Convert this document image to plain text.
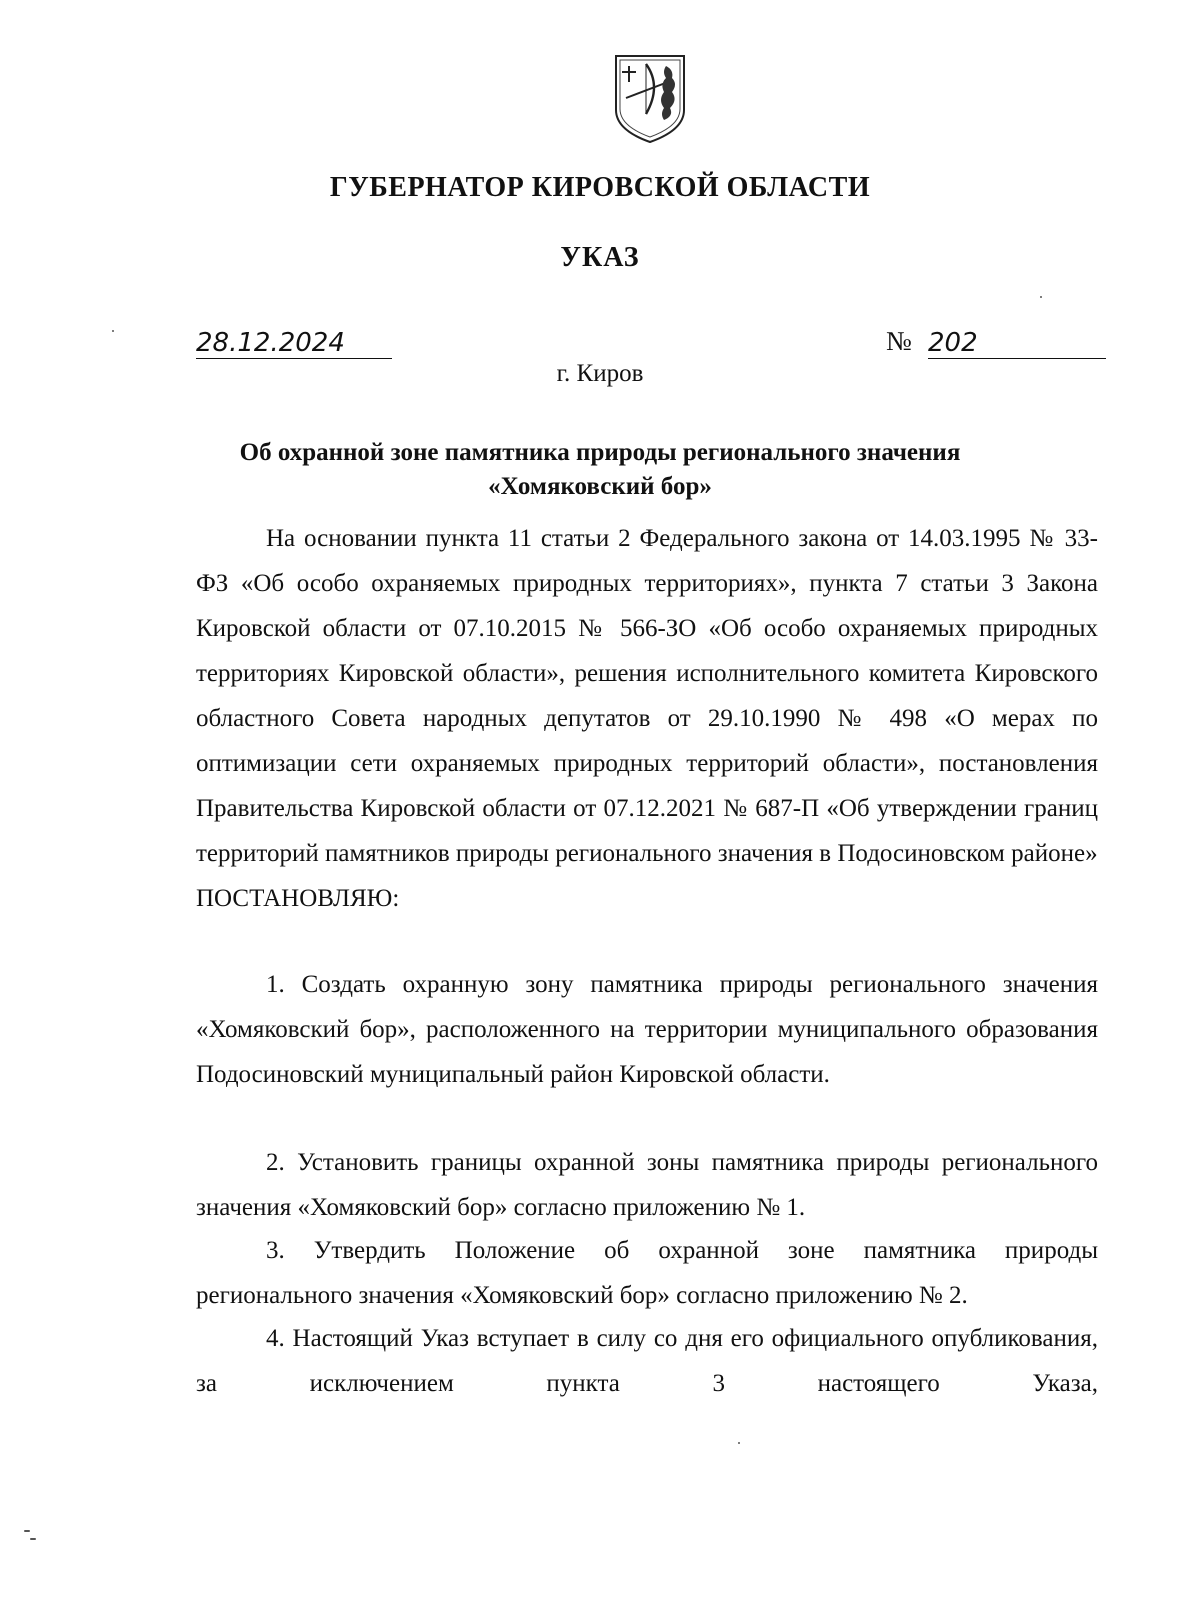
ГУБЕРНАТОР КИРОВСКОЙ ОБЛАСТИ
УКАЗ
28.12.2024	№ 202
г. Киров
Об охранной зоне памятника природы регионального значения
«Хомяковский бор»

На основании пункта 11 статьи 2 Федерального закона от 14.03.1995 № 33-ФЗ «Об особо охраняемых природных территориях», пункта 7 статьи 3 Закона Кировской области от 07.10.2015 № 566-ЗО «Об особо охраняемых природных территориях Кировской области», решения исполнительного комитета Кировского областного Совета народных депутатов от 29.10.1990 № 498 «О мерах по оптимизации сети охраняемых природных территорий области», постановления Правительства Кировской области от 07.12.2021 № 687-П «Об утверждении границ территорий памятников природы регионального значения в Подосиновском районе»

ПОСТАНОВЛЯЮ:

1. Создать охранную зону памятника природы регионального значения «Хомяковский бор», расположенного на территории муниципального образования Подосиновский муниципальный район Кировской области.

2. Установить границы охранной зоны памятника природы регионального значения «Хомяковский бор» согласно приложению № 1.

3. Утвердить Положение об охранной зоне памятника природы регионального значения «Хомяковский бор» согласно приложению № 2.

4. Настоящий Указ вступает в силу со дня его официального опубликования, за исключением пункта 3 настоящего Указа,
